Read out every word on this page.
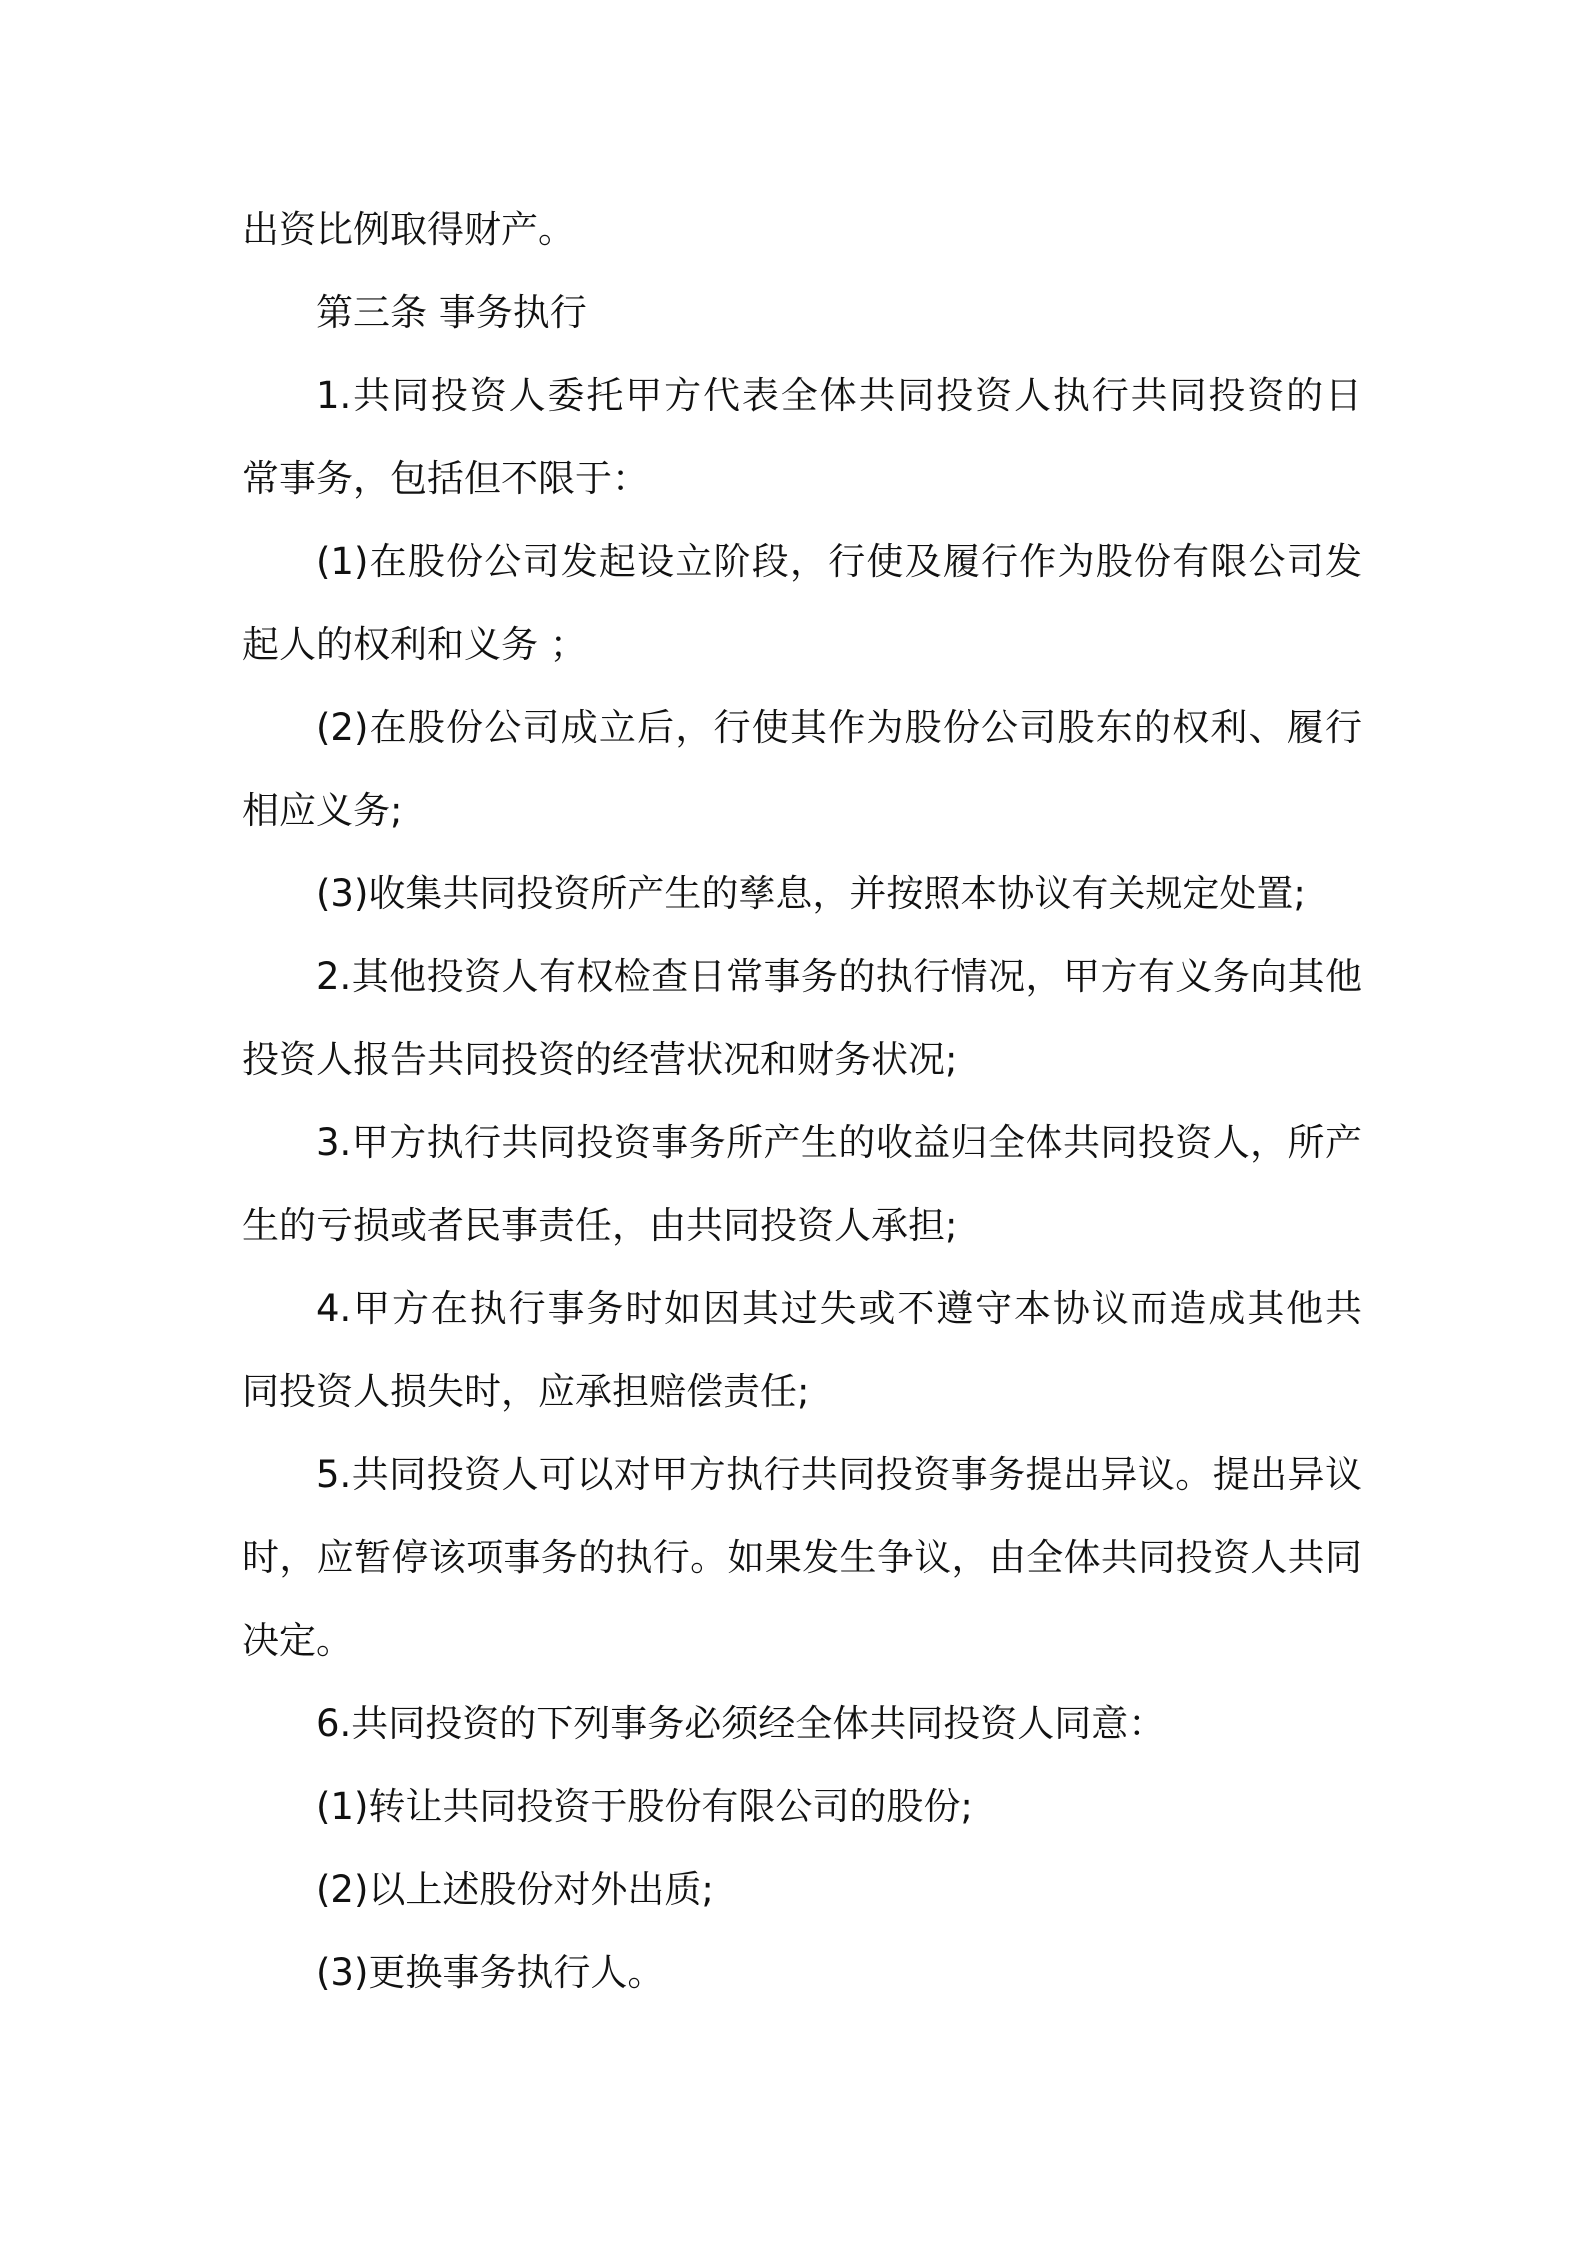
出资比例取得财产。
第三条 事务执行
1.共同投资人委托甲方代表全体共同投资人执行共同投资的日
常事务，包括但不限于：
(1)在股份公司发起设立阶段，行使及履行作为股份有限公司发
起人的权利和义务 ；
(2)在股份公司成立后，行使其作为股份公司股东的权利、履行
相应义务;
(3)收集共同投资所产生的孳息，并按照本协议有关规定处置;
2.其他投资人有权检查日常事务的执行情况，甲方有义务向其他
投资人报告共同投资的经营状况和财务状况;
3.甲方执行共同投资事务所产生的收益归全体共同投资人，所产
生的亏损或者民事责任，由共同投资人承担;
4.甲方在执行事务时如因其过失或不遵守本协议而造成其他共
同投资人损失时，应承担赔偿责任;
5.共同投资人可以对甲方执行共同投资事务提出异议。提出异议
时，应暂停该项事务的执行。如果发生争议，由全体共同投资人共同
决定。
6.共同投资的下列事务必须经全体共同投资人同意：
(1)转让共同投资于股份有限公司的股份;
(2)以上述股份对外出质;
(3)更换事务执行人。
